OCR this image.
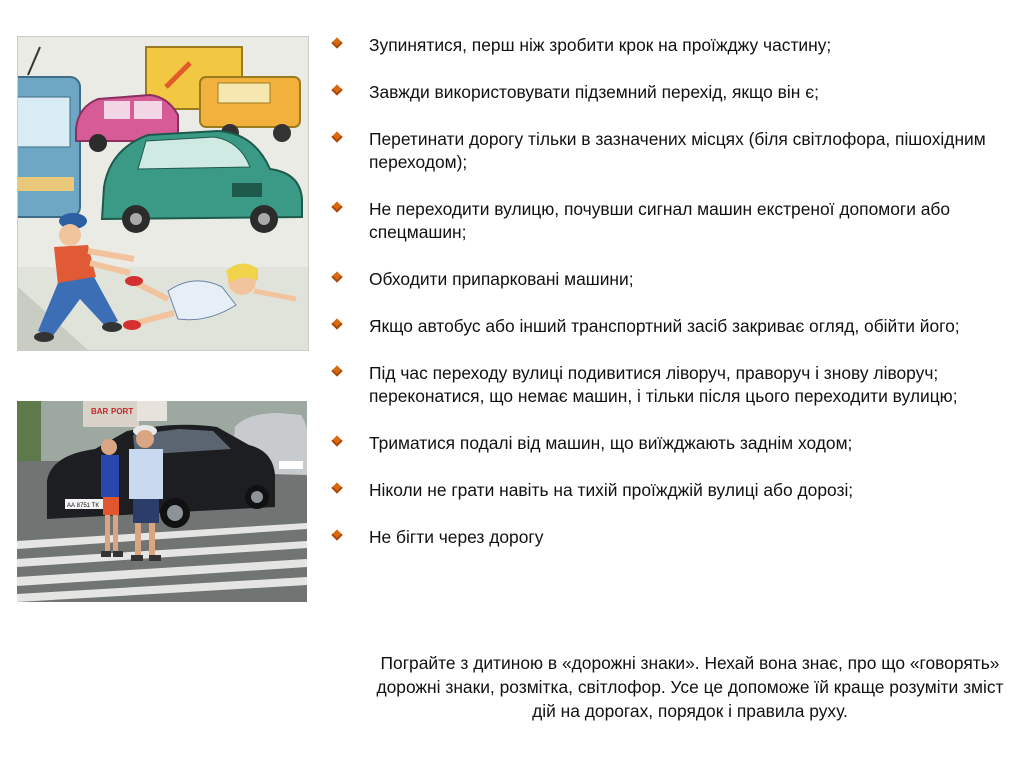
BAR PORT
АА 8751 ТК
Зупинятися, перш ніж зробити крок на проїжджу частину;
Завжди використовувати підземний перехід, якщо він є;
Перетинати дорогу тільки в зазначених місцях (біля світлофора, пішохідним переходом);
Не переходити вулицю, почувши сигнал машин екстреної допомоги або спецмашин;
Обходити припарковані машини;
Якщо автобус або інший транспортний засіб закриває огляд, обійти його;
Під час переходу вулиці подивитися ліворуч, праворуч і знову ліворуч; переконатися, що немає машин, і тільки після цього переходити вулицю;
Триматися подалі від машин, що виїжджають заднім ходом;
Ніколи не грати навіть на тихій проїжджій вулиці або дорозі;
Не бігти через дорогу

Пограйте з дитиною в «дорожні знаки». Нехай вона знає, про що «говорять» дорожні знаки, розмітка, світлофор. Усе це допоможе їй краще розуміти зміст дій на дорогах, порядок і правила руху.
